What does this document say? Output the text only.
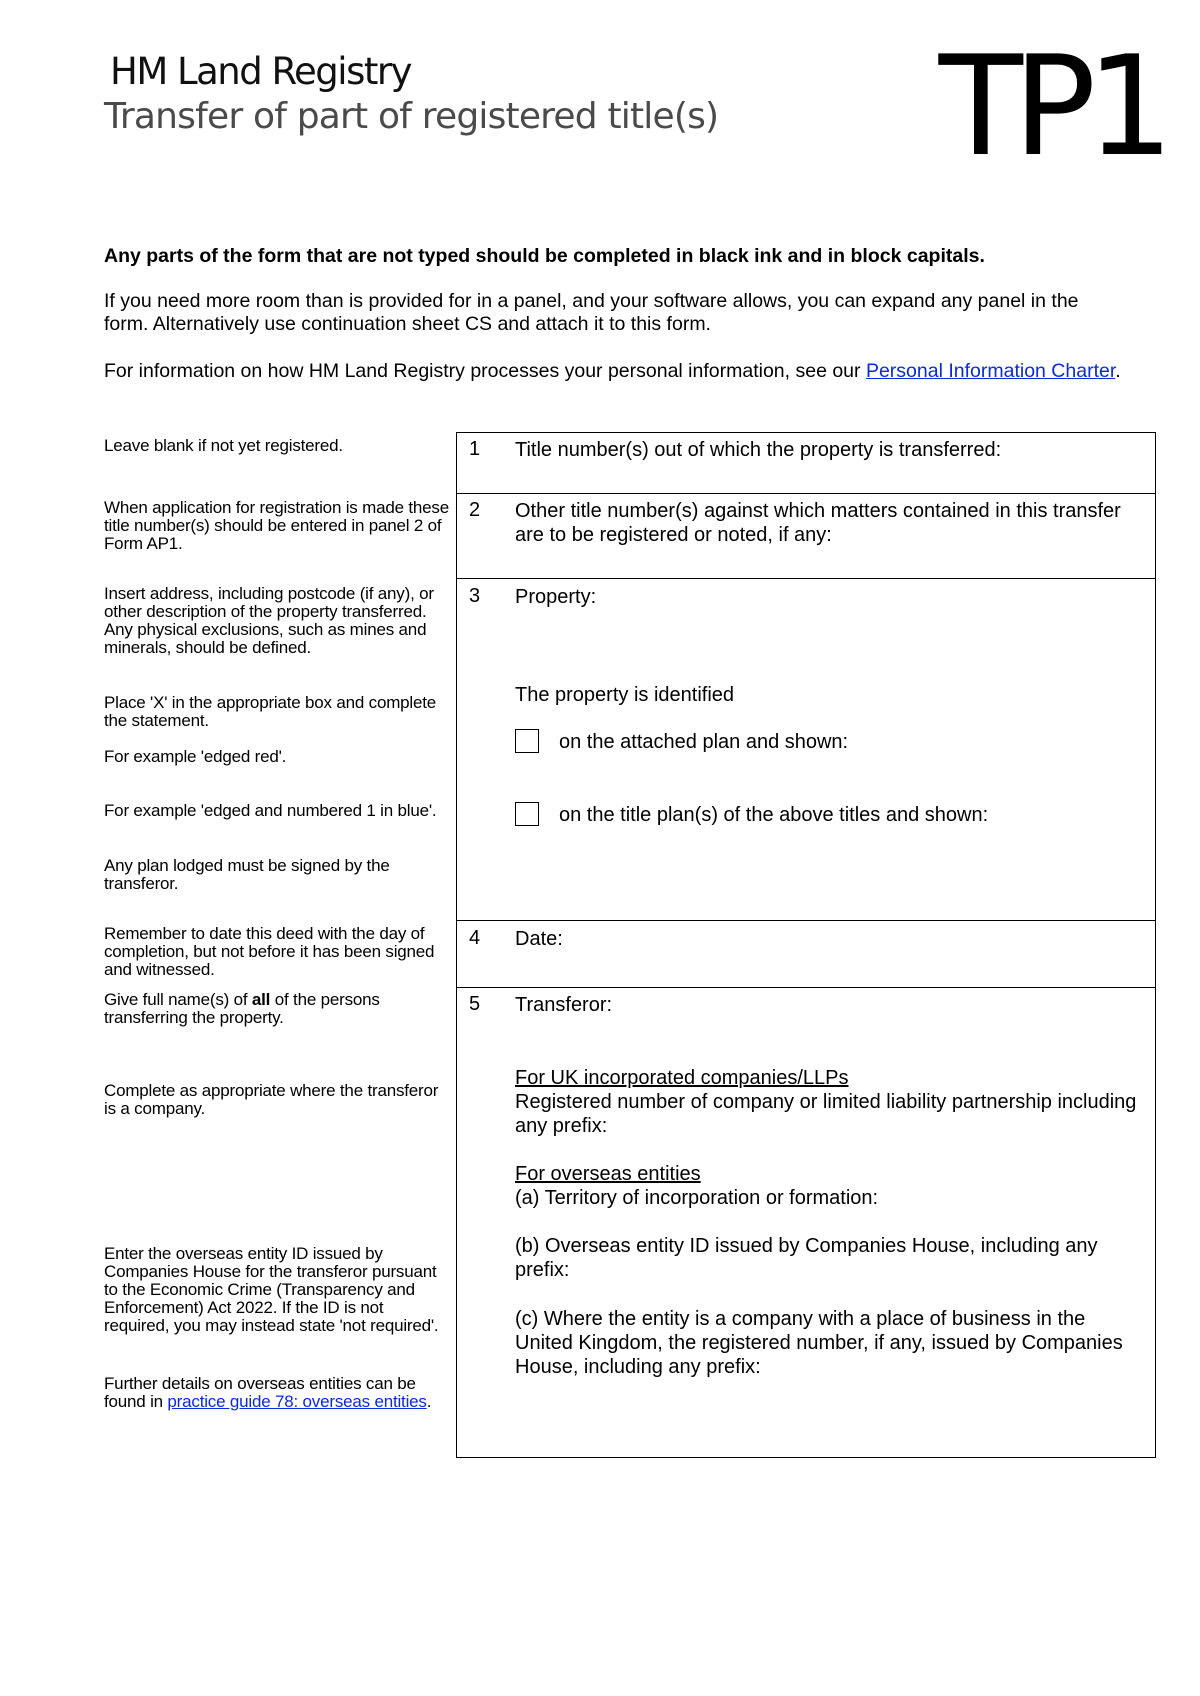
HM Land Registry
Transfer of part of registered title(s) TP1
Any parts of the form that are not typed should be completed in black ink and in block capitals.
If you need more room than is provided for in a panel, and your software allows, you can expand any panel in the form. Alternatively use continuation sheet CS and attach it to this form.
For information on how HM Land Registry processes your personal information, see our Personal Information Charter.
Leave blank if not yet registered.
When application for registration is made these title number(s) should be entered in panel 2 of Form AP1.
Insert address, including postcode (if any), or other description of the property transferred. Any physical exclusions, such as mines and minerals, should be defined.
Place 'X' in the appropriate box and complete the statement.
For example 'edged red'.
For example 'edged and numbered 1 in blue'.
Any plan lodged must be signed by the transferor.
Remember to date this deed with the day of completion, but not before it has been signed and witnessed.
Give full name(s) of all of the persons transferring the property.
Complete as appropriate where the transferor is a company.
Enter the overseas entity ID issued by Companies House for the transferor pursuant to the Economic Crime (Transparency and Enforcement) Act 2022. If the ID is not required, you may instead state 'not required'.
Further details on overseas entities can be found in practice guide 78: overseas entities.
1 Title number(s) out of which the property is transferred:
2 Other title number(s) against which matters contained in this transfer are to be registered or noted, if any:
3 Property:
The property is identified
on the attached plan and shown:
on the title plan(s) of the above titles and shown:
4 Date:
5 Transferor:
For UK incorporated companies/LLPs
Registered number of company or limited liability partnership including any prefix:
For overseas entities
(a) Territory of incorporation or formation:
(b) Overseas entity ID issued by Companies House, including any prefix:
(c) Where the entity is a company with a place of business in the United Kingdom, the registered number, if any, issued by Companies House, including any prefix:
